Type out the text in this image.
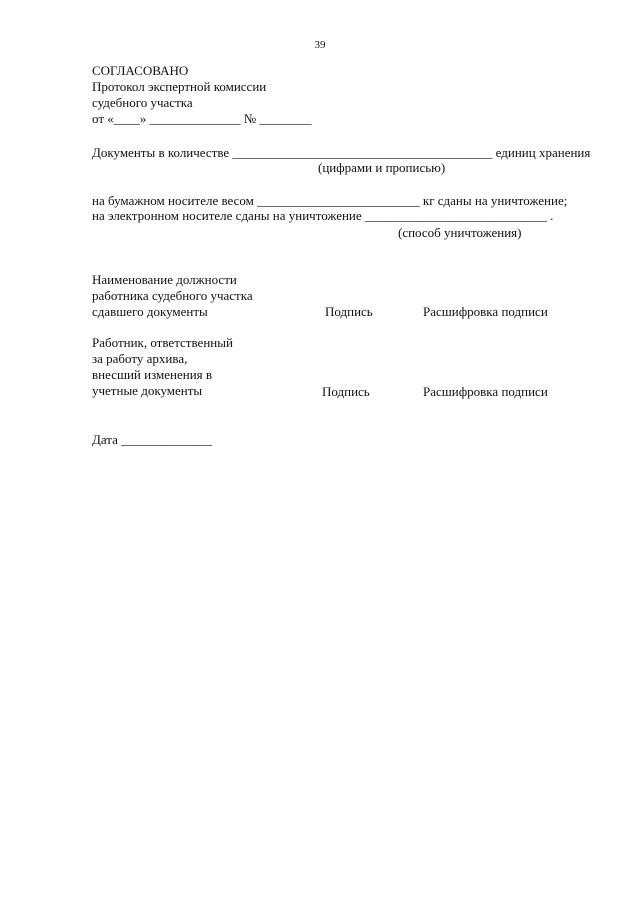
39
СОГЛАСОВАНО
Протокол экспертной комиссии
судебного участка
от «____» ______________ № ________
Документы в количестве ________________________________________ единиц хранения
(цифрами и прописью)
на бумажном носителе весом _________________________ кг сданы на уничтожение;
на электронном носителе сданы на уничтожение ____________________________ .
(способ уничтожения)
Наименование должности
работника судебного участка
сдавшего документы	Подпись	Расшифровка подписи
Работник, ответственный
за работу архива,
внесший изменения в
учетные документы	Подпись	Расшифровка подписи
Дата ______________
